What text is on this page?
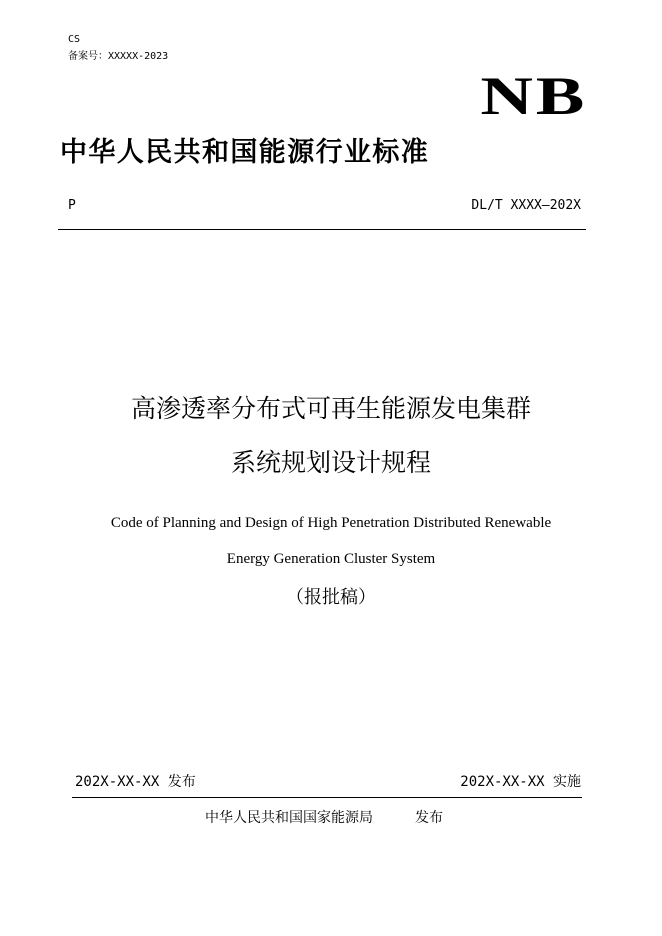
CS
备案号：XXXXX-2023
NB
中华人民共和国能源行业标准
P	DL/T XXXX—202X
高渗透率分布式可再生能源发电集群
系统规划设计规程
Code of Planning and Design of High Penetration Distributed Renewable
Energy Generation Cluster System
（报批稿）
202X-XX-XX 发布	202X-XX-XX 实施
中华人民共和国国家能源局	发布
